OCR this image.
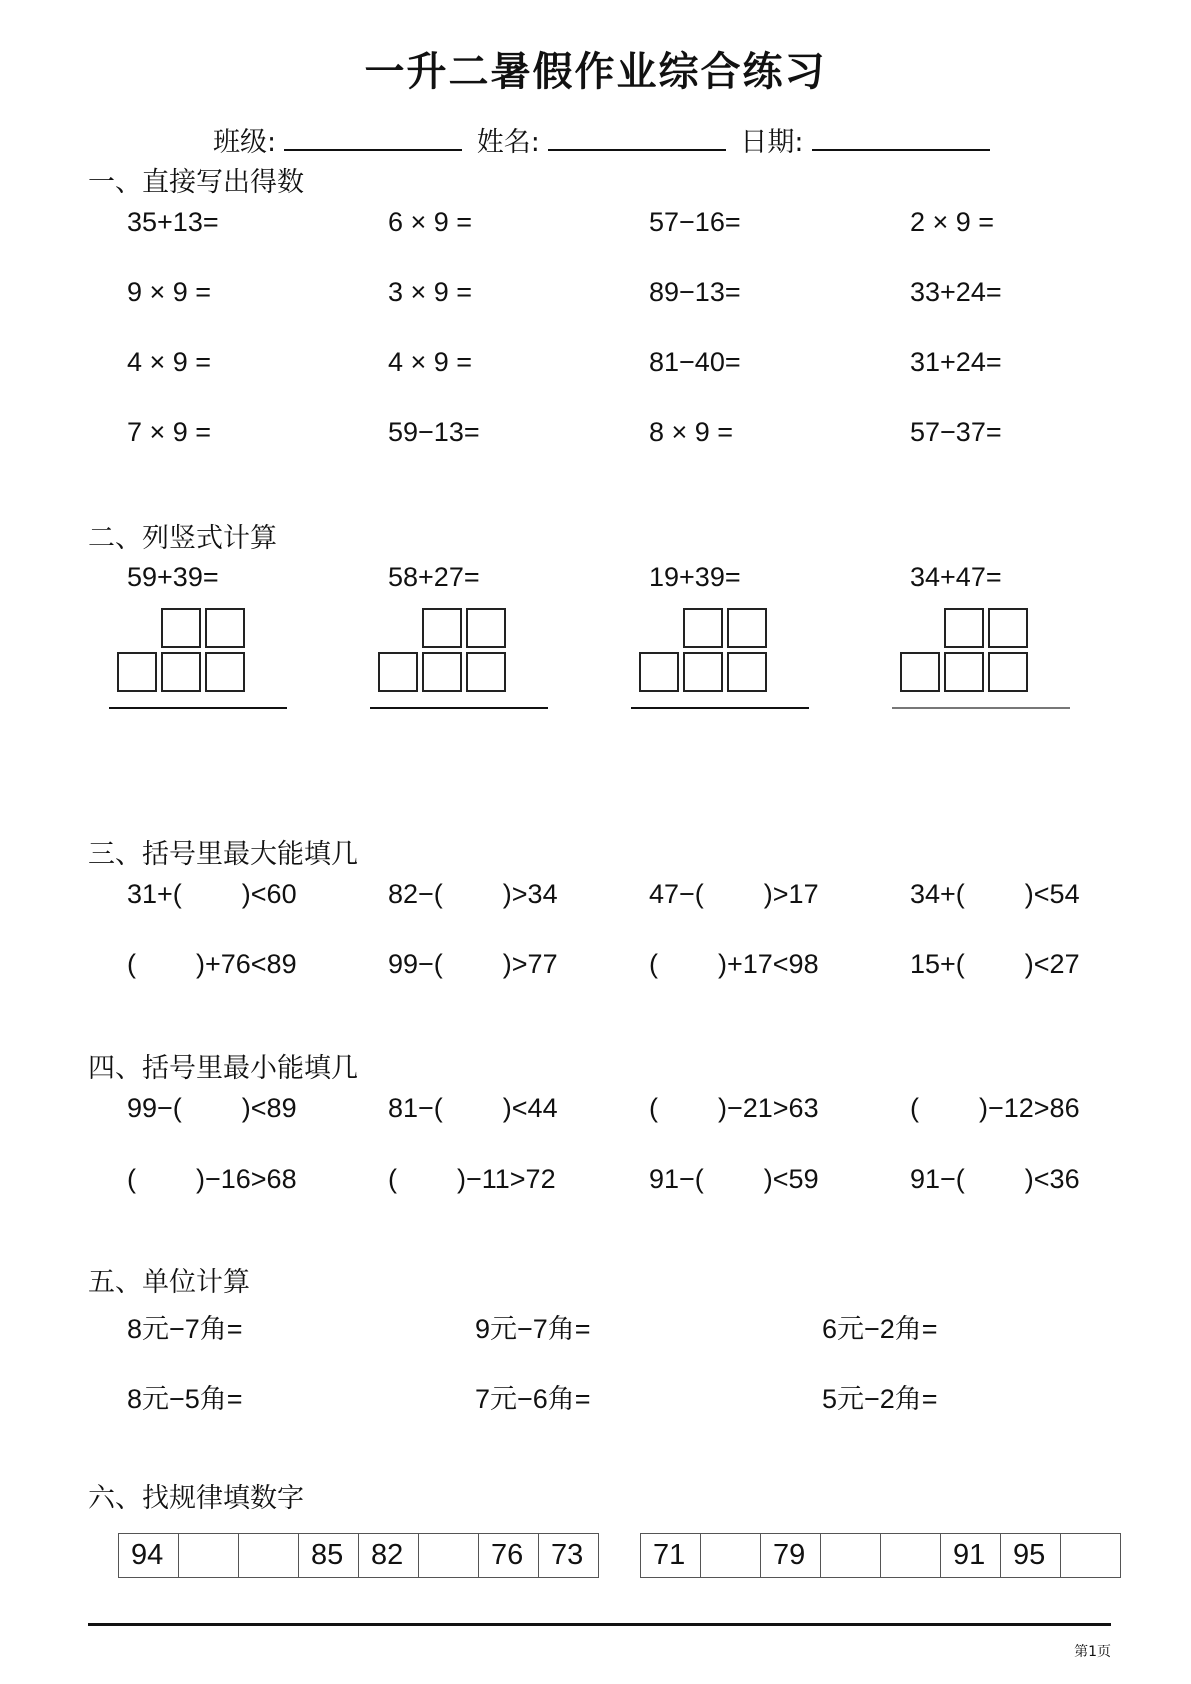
一升二暑假作业综合练习
班级:	姓名:	日期:
一、直接写出得数
35+13=	6 × 9 =	57−16=	2 × 9 =
9 × 9 =	3 × 9 =	89−13=	33+24=
4 × 9 =	4 × 9 =	81−40=	31+24=
7 × 9 =	59−13=	8 × 9 =	57−37=
二、列竖式计算
59+39=	58+27=	19+39=	34+47=
三、括号里最大能填几
31+(        )<60	82−(        )>34	47−(        )>17	34+(        )<54
(        )+76<89	99−(        )>77	(        )+17<98	15+(        )<27
四、括号里最小能填几
99−(        )<89	81−(        )<44	(        )−21>63	(        )−12>86
(        )−16>68	(        )−11>72	91−(        )<59	91−(        )<36
五、单位计算
8元−7角=	9元−7角=	6元−2角=
8元−5角=	7元−6角=	5元−2角=
六、找规律填数字
94			85	82		76	73 71		79			91	95	
第1页
